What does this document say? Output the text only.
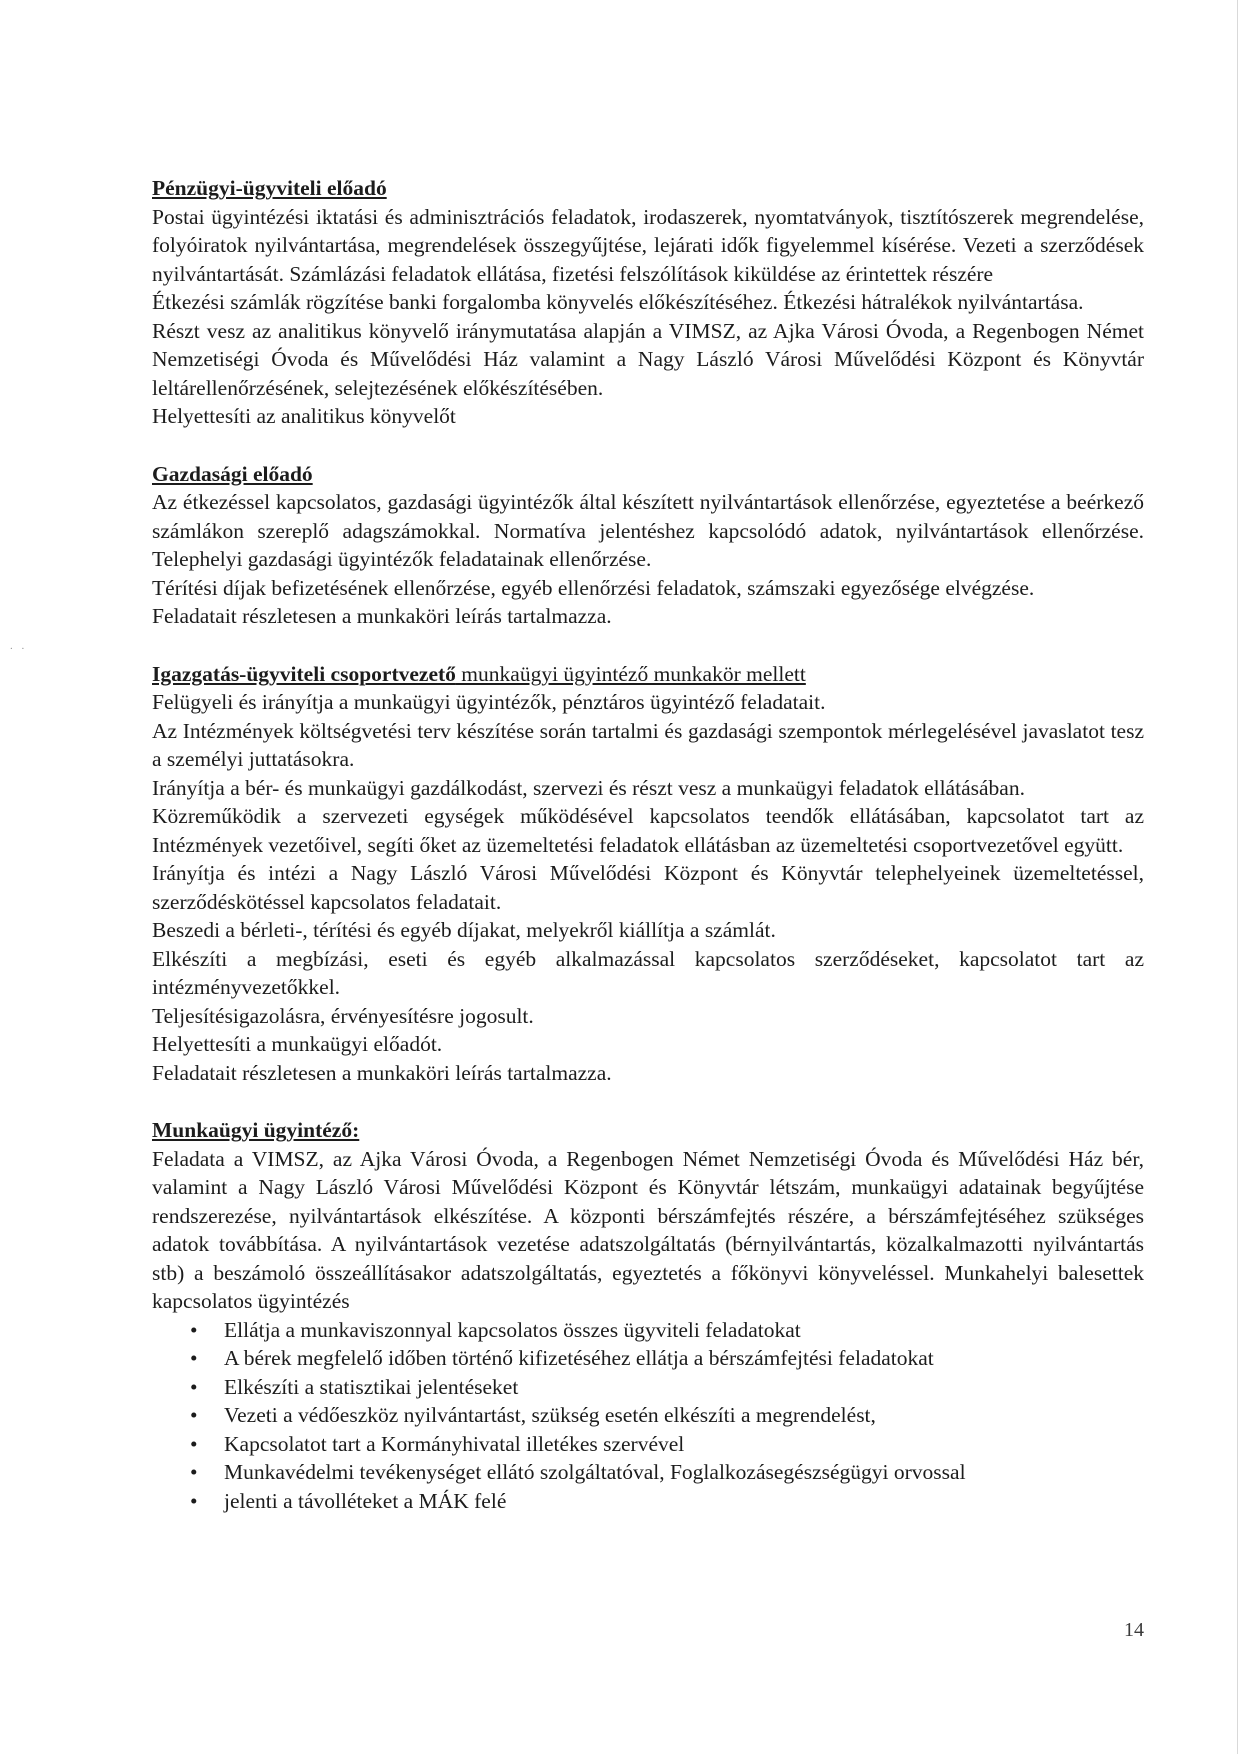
. .
Pénzügyi-ügyviteli előadó

Postai ügyintézési iktatási és adminisztrációs feladatok, irodaszerek, nyomtatványok, tisztítószerek megrendelése, folyóiratok nyilvántartása, megrendelések összegyűjtése, lejárati idők figyelemmel kísérése. Vezeti a szerződések nyilvántartását. Számlázási feladatok ellátása, fizetési felszólítások kiküldése az érintettek részére

Étkezési számlák rögzítése banki forgalomba könyvelés előkészítéséhez. Étkezési hátralékok nyilvántartása.

Részt vesz az analitikus könyvelő iránymutatása alapján a VIMSZ, az Ajka Városi Óvoda, a Regenbogen Német Nemzetiségi Óvoda és Művelődési Ház valamint a Nagy László Városi Művelődési Központ és Könyvtár leltárellenőrzésének, selejtezésének előkészítésében.

Helyettesíti az analitikus könyvelőt

Gazdasági előadó

Az étkezéssel kapcsolatos, gazdasági ügyintézők által készített nyilvántartások ellenőrzése, egyeztetése a beérkező számlákon szereplő adagszámokkal. Normatíva jelentéshez kapcsolódó adatok, nyilvántartások ellenőrzése. Telephelyi gazdasági ügyintézők feladatainak ellenőrzése.

Térítési díjak befizetésének ellenőrzése, egyéb ellenőrzési feladatok, számszaki egyezősége elvégzése.

Feladatait részletesen a munkaköri leírás tartalmazza.

Igazgatás-ügyviteli csoportvezető munkaügyi ügyintéző munkakör mellett

Felügyeli és irányítja a munkaügyi ügyintézők, pénztáros ügyintéző feladatait.

Az Intézmények költségvetési terv készítése során tartalmi és gazdasági szempontok mérlegelésével javaslatot tesz a személyi juttatásokra.

Irányítja a bér- és munkaügyi gazdálkodást, szervezi és részt vesz a munkaügyi feladatok ellátásában.

Közreműködik a szervezeti egységek működésével kapcsolatos teendők ellátásában, kapcsolatot tart az Intézmények vezetőivel, segíti őket az üzemeltetési feladatok ellátásban az üzemeltetési csoportvezetővel együtt.

Irányítja és intézi a Nagy László Városi Művelődési Központ és Könyvtár telephelyeinek üzemeltetéssel, szerződéskötéssel kapcsolatos feladatait.

Beszedi a bérleti-, térítési és egyéb díjakat, melyekről kiállítja a számlát.

Elkészíti a megbízási, eseti és egyéb alkalmazással kapcsolatos szerződéseket, kapcsolatot tart az intézményvezetőkkel.

Teljesítésigazolásra, érvényesítésre jogosult.

Helyettesíti a munkaügyi előadót.

Feladatait részletesen a munkaköri leírás tartalmazza.

Munkaügyi ügyintéző:

Feladata a VIMSZ, az Ajka Városi Óvoda, a Regenbogen Német Nemzetiségi Óvoda és Művelődési Ház bér, valamint a Nagy László Városi Művelődési Központ és Könyvtár létszám, munkaügyi adatainak begyűjtése rendszerezése, nyilvántartások elkészítése. A központi bérszámfejtés részére, a bérszámfejtéséhez szükséges adatok továbbítása. A nyilvántartások vezetése adatszolgáltatás (bérnyilvántartás, közalkalmazotti nyilvántartás stb) a beszámoló összeállításakor adatszolgáltatás, egyeztetés a főkönyvi könyveléssel. Munkahelyi balesettek kapcsolatos ügyintézés

• Ellátja a munkaviszonnyal kapcsolatos összes ügyviteli feladatokat
• A bérek megfelelő időben történő kifizetéséhez ellátja a bérszámfejtési feladatokat
• Elkészíti a statisztikai jelentéseket
• Vezeti a védőeszköz nyilvántartást, szükség esetén elkészíti a megrendelést,
• Kapcsolatot tart a Kormányhivatal illetékes szervével
• Munkavédelmi tevékenységet ellátó szolgáltatóval, Foglalkozásegészségügyi orvossal
• jelenti a távolléteket a MÁK felé
14
